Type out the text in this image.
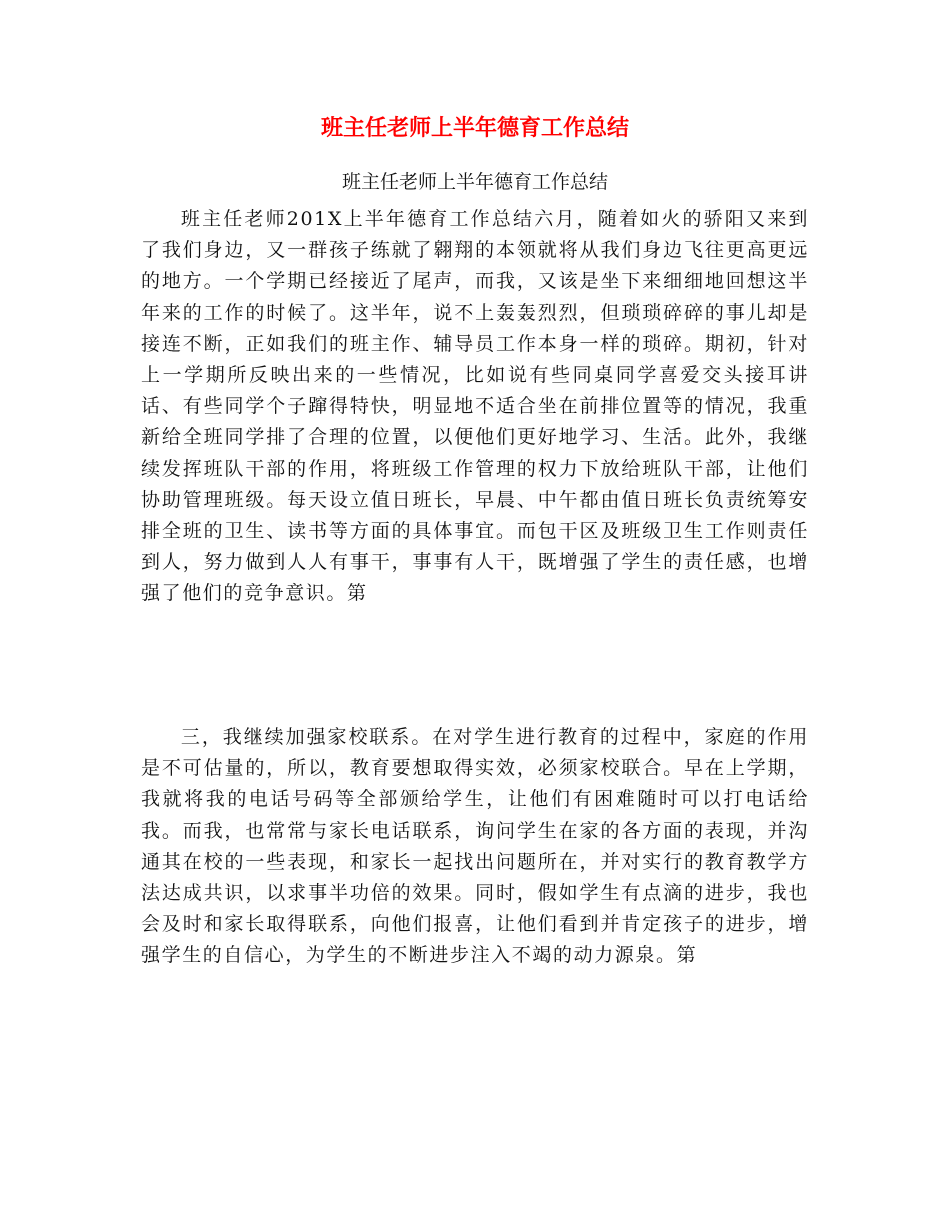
班主任老师上半年德育工作总结

班主任老师上半年德育工作总结

班主任老师201X上半年德育工作总结六月，随着如火的骄阳又来到了我们身边，又一群孩子练就了翱翔的本领就将从我们身边飞往更高更远的地方。一个学期已经接近了尾声，而我，又该是坐下来细细地回想这半年来的工作的时候了。这半年，说不上轰轰烈烈，但琐琐碎碎的事儿却是接连不断，正如我们的班主作、辅导员工作本身一样的琐碎。期初，针对上一学期所反映出来的一些情况，比如说有些同桌同学喜爱交头接耳讲话、有些同学个子蹿得特快，明显地不适合坐在前排位置等的情况，我重新给全班同学排了合理的位置，以便他们更好地学习、生活。此外，我继续发挥班队干部的作用，将班级工作管理的权力下放给班队干部，让他们协助管理班级。每天设立值日班长，早晨、中午都由值日班长负责统筹安排全班的卫生、读书等方面的具体事宜。而包干区及班级卫生工作则责任到人，努力做到人人有事干，事事有人干，既增强了学生的责任感，也增强了他们的竞争意识。第

三，我继续加强家校联系。在对学生进行教育的过程中，家庭的作用是不可估量的，所以，教育要想取得实效，必须家校联合。早在上学期，我就将我的电话号码等全部颁给学生，让他们有困难随时可以打电话给我。而我，也常常与家长电话联系，询问学生在家的各方面的表现，并沟通其在校的一些表现，和家长一起找出问题所在，并对实行的教育教学方法达成共识，以求事半功倍的效果。同时，假如学生有点滴的进步，我也会及时和家长取得联系，向他们报喜，让他们看到并肯定孩子的进步，增强学生的自信心，为学生的不断进步注入不竭的动力源泉。第
